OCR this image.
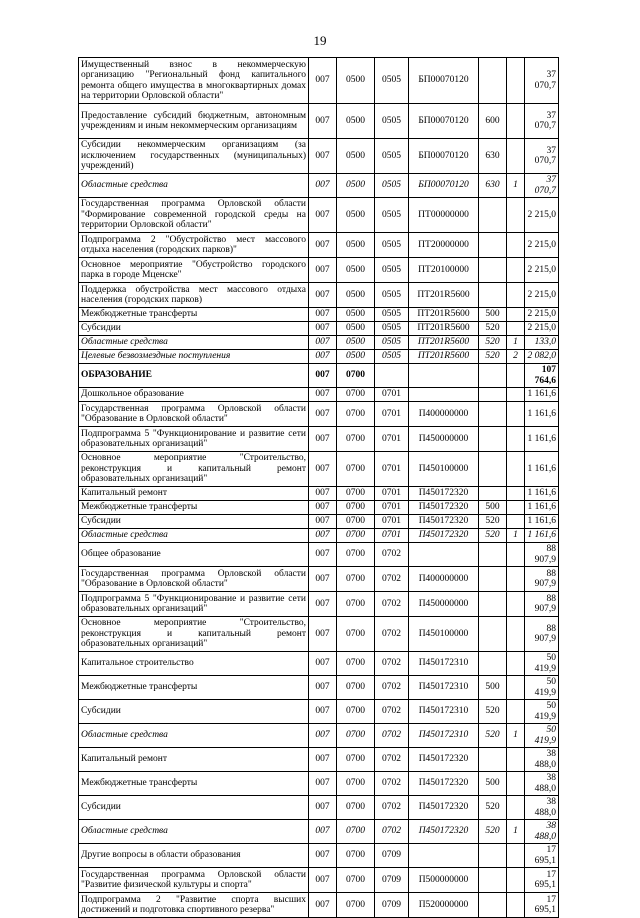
19
Имущественный взнос в некоммерческую организацию "Региональный фонд капитального ремонта общего имущества в многоквартирных домах на территории Орловской области"	007	0500	0505	БП00070120			37 070,7
Предоставление субсидий бюджетным, автономным учреждениям и иным некоммерческим организациям	007	0500	0505	БП00070120	600		37 070,7
Субсидии некоммерческим организациям (за исключением государственных (муниципальных) учреждений)	007	0500	0505	БП00070120	630		37 070,7
Областные средства	007	0500	0505	БП00070120	630	1	37 070,7
Государственная программа Орловской области "Формирование современной городской среды на территории Орловской области"	007	0500	0505	ПТ00000000			2 215,0
Подпрограмма 2 "Обустройство мест массового отдыха населения (городских парков)"	007	0500	0505	ПТ20000000			2 215,0
Основное мероприятие "Обустройство городского парка в городе Мценске"	007	0500	0505	ПТ20100000			2 215,0
Поддержка обустройства мест массового отдыха населения (городских парков)	007	0500	0505	ПТ201R5600			2 215,0
Межбюджетные трансферты	007	0500	0505	ПТ201R5600	500		2 215,0
Субсидии	007	0500	0505	ПТ201R5600	520		2 215,0
Областные средства	007	0500	0505	ПТ201R5600	520	1	133,0
Целевые безвозмездные поступления	007	0500	0505	ПТ201R5600	520	2	2 082,0
ОБРАЗОВАНИЕ	007	0700					107 764,6
Дошкольное образование	007	0700	0701				1 161,6
Государственная программа Орловской области "Образование в Орловской области"	007	0700	0701	П400000000			1 161,6
Подпрограмма 5 "Функционирование и развитие сети образовательных организаций"	007	0700	0701	П450000000			1 161,6
Основное мероприятие "Строительство, реконструкция и капитальный ремонт образовательных организаций"	007	0700	0701	П450100000			1 161,6
Капитальный ремонт	007	0700	0701	П450172320			1 161,6
Межбюджетные трансферты	007	0700	0701	П450172320	500		1 161,6
Субсидии	007	0700	0701	П450172320	520		1 161,6
Областные средства	007	0700	0701	П450172320	520	1	1 161,6
Общее образование	007	0700	0702				88 907,9
Государственная программа Орловской области "Образование в Орловской области"	007	0700	0702	П400000000			88 907,9
Подпрограмма 5 "Функционирование и развитие сети образовательных организаций"	007	0700	0702	П450000000			88 907,9
Основное мероприятие "Строительство, реконструкция и капитальный ремонт образовательных организаций"	007	0700	0702	П450100000			88 907,9
Капитальное строительство	007	0700	0702	П450172310			50 419,9
Межбюджетные трансферты	007	0700	0702	П450172310	500		50 419,9
Субсидии	007	0700	0702	П450172310	520		50 419,9
Областные средства	007	0700	0702	П450172310	520	1	50 419,9
Капитальный ремонт	007	0700	0702	П450172320			38 488,0
Межбюджетные трансферты	007	0700	0702	П450172320	500		38 488,0
Субсидии	007	0700	0702	П450172320	520		38 488,0
Областные средства	007	0700	0702	П450172320	520	1	38 488,0
Другие вопросы в области образования	007	0700	0709				17 695,1
Государственная программа Орловской области "Развитие физической культуры и спорта"	007	0700	0709	П500000000			17 695,1
Подпрограмма 2 "Развитие спорта высших достижений и подготовка спортивного резерва"	007	0700	0709	П520000000			17 695,1
